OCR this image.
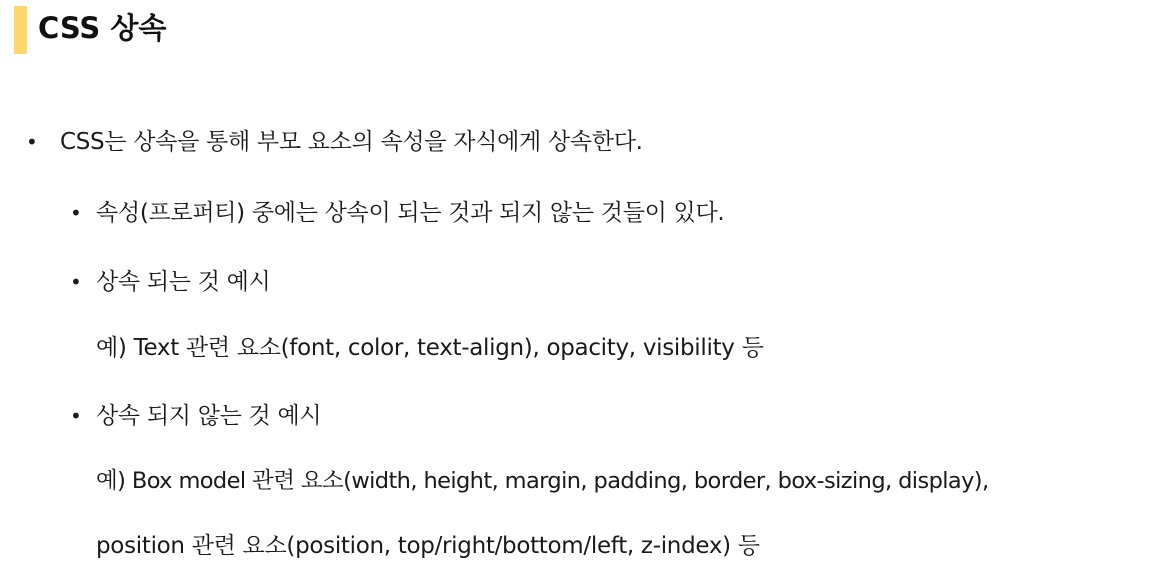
CSS 상속
• CSS는 상속을 통해 부모 요소의 속성을 자식에게 상속한다.
• 속성(프로퍼티) 중에는 상속이 되는 것과 되지 않는 것들이 있다.
• 상속 되는 것 예시
예) Text 관련 요소(font, color, text-align), opacity, visibility 등
• 상속 되지 않는 것 예시
예) Box model 관련 요소(width, height, margin, padding, border, box-sizing, display),
position 관련 요소(position, top/right/bottom/left, z-index) 등
